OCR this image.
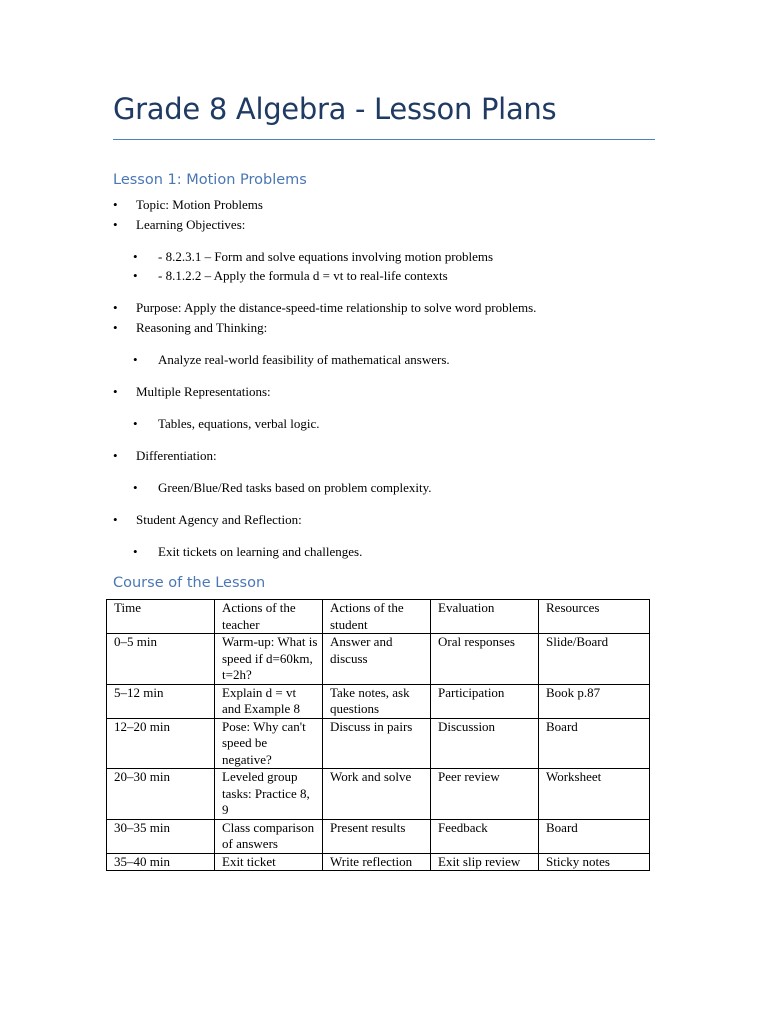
Grade 8 Algebra - Lesson Plans
Lesson 1: Motion Problems
• Topic: Motion Problems
• Learning Objectives:
• - 8.2.3.1 – Form and solve equations involving motion problems
• - 8.1.2.2 – Apply the formula d = vt to real-life contexts
• Purpose: Apply the distance-speed-time relationship to solve word problems.
• Reasoning and Thinking:
• Analyze real-world feasibility of mathematical answers.
• Multiple Representations:
• Tables, equations, verbal logic.
• Differentiation:
• Green/Blue/Red tasks based on problem complexity.
• Student Agency and Reflection:
• Exit tickets on learning and challenges.
Course of the Lesson
Time	Actions of the teacher	Actions of the student	Evaluation	Resources
0–5 min	Warm-up: What is speed if d=60km, t=2h?	Answer and discuss	Oral responses	Slide/Board
5–12 min	Explain d = vt and Example 8	Take notes, ask questions	Participation	Book p.87
12–20 min	Pose: Why can't speed be negative?	Discuss in pairs	Discussion	Board
20–30 min	Leveled group tasks: Practice 8, 9	Work and solve	Peer review	Worksheet
30–35 min	Class comparison of answers	Present results	Feedback	Board
35–40 min	Exit ticket	Write reflection	Exit slip review	Sticky notes
